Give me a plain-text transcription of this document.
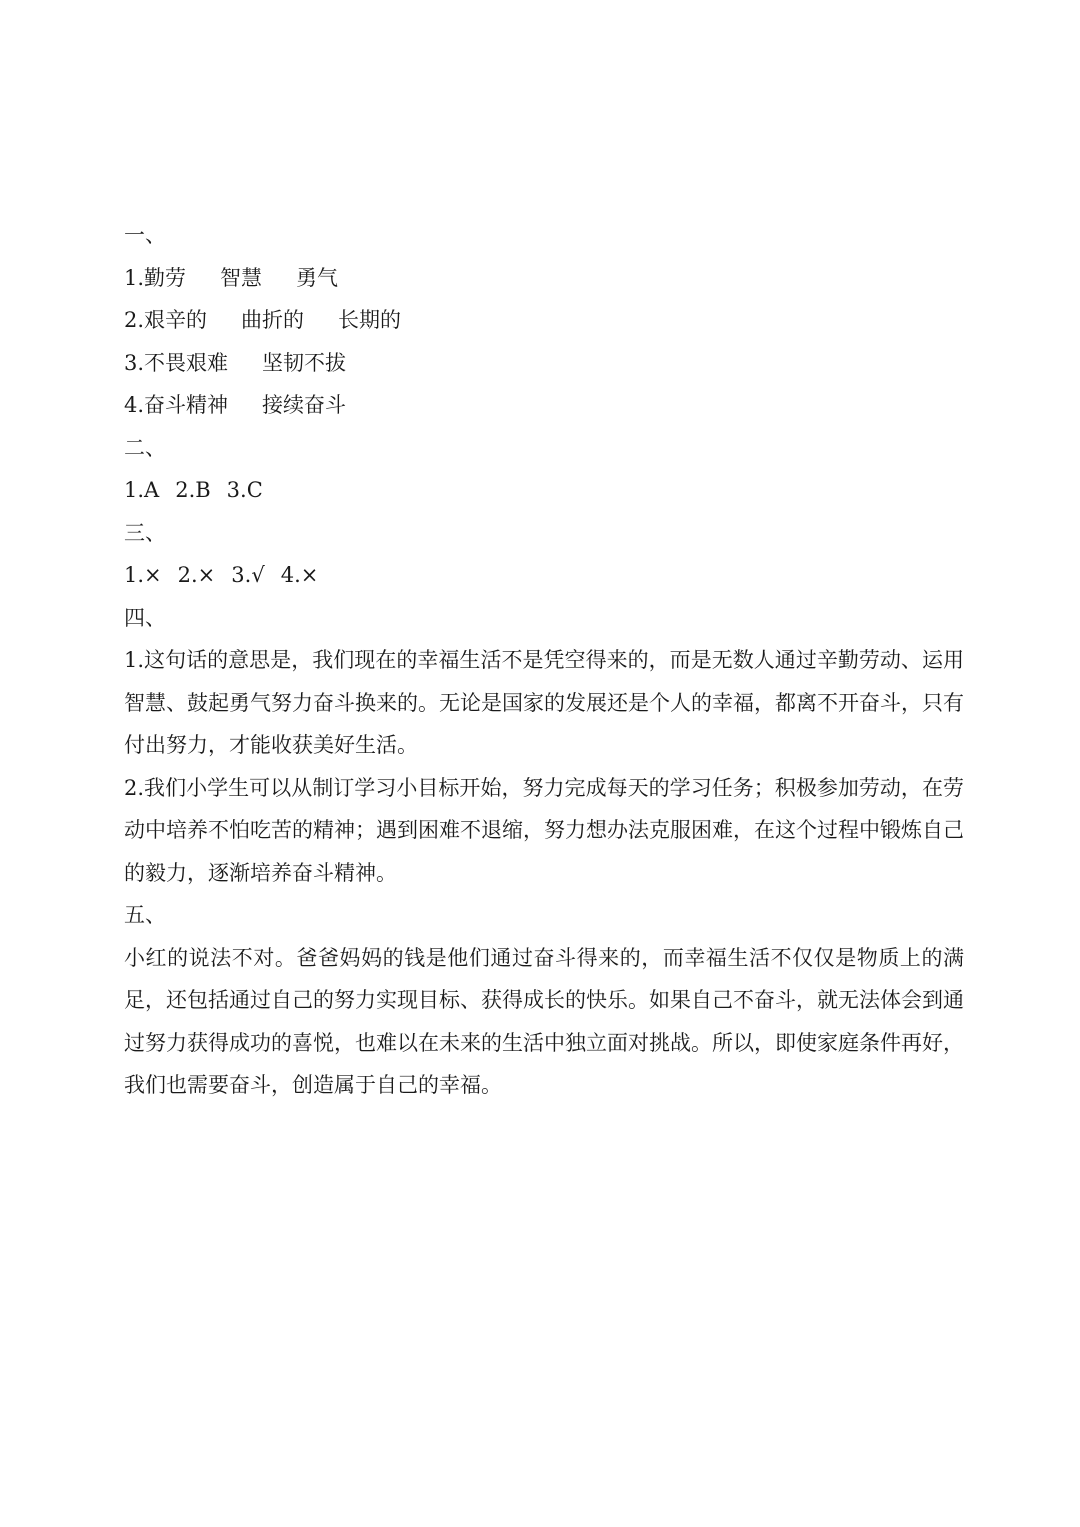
一、
1.勤劳 智慧 勇气
2.艰辛的 曲折的 长期的
3.不畏艰难 坚韧不拔
4.奋斗精神 接续奋斗
二、
1.A 2.B 3.C
三、
1.× 2.× 3.√ 4.×
四、

1.这句话的意思是，我们现在的幸福生活不是凭空得来的，而是无数人通过辛勤劳动、运用智慧、鼓起勇气努力奋斗换来的。无论是国家的发展还是个人的幸福，都离不开奋斗，只有付出努力，才能收获美好生活。

2.我们小学生可以从制订学习小目标开始，努力完成每天的学习任务；积极参加劳动，在劳动中培养不怕吃苦的精神；遇到困难不退缩，努力想办法克服困难，在这个过程中锻炼自己的毅力，逐渐培养奋斗精神。

五、

小红的说法不对。爸爸妈妈的钱是他们通过奋斗得来的，而幸福生活不仅仅是物质上的满足，还包括通过自己的努力实现目标、获得成长的快乐。如果自己不奋斗，就无法体会到通过努力获得成功的喜悦，也难以在未来的生活中独立面对挑战。所以，即使家庭条件再好，我们也需要奋斗，创造属于自己的幸福。
